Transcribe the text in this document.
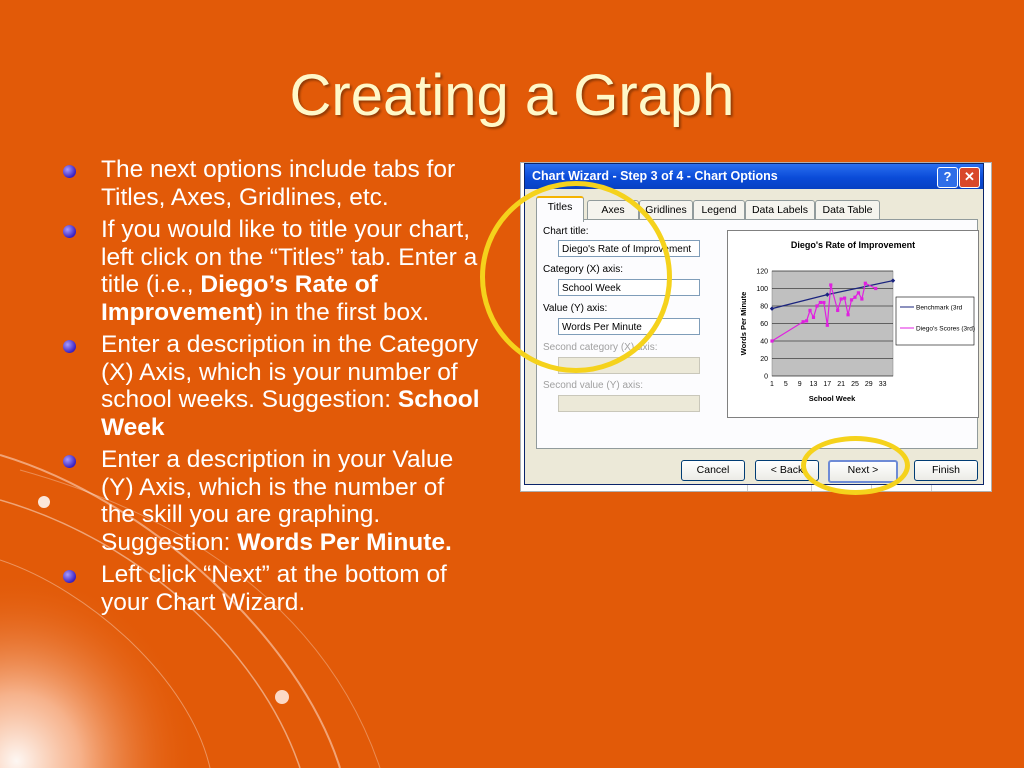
Creating a Graph
The next options include tabs for Titles, Axes, Gridlines, etc.
If you would like to title your chart, left click on the “Titles” tab. Enter a title (i.e., Diego’s Rate of Improvement) in the first box.
Enter a description in the Category (X) Axis, which is your number of school weeks. Suggestion: School Week
Enter a description in your Value (Y) Axis, which is the number of the skill you are graphing. Suggestion: Words Per Minute.
Left click “Next” at the bottom of your Chart Wizard.
Chart Wizard - Step 3 of 4 - Chart Options	? ✕
Titles	Axes	Gridlines	Legend	Data Labels	Data Table
Chart title:
Diego's Rate of Improvement
Category (X) axis:
School Week
Value (Y) axis:
Words Per Minute
Second category (X) axis:
Second value (Y) axis:
Diego's Rate of Improvement
0
20
40
60
80
100
120
1 5 9 13 17 21 25 29 33
School Week
Words Per Minute	Benchmark (3rd
Diego's Scores (3rd)
Cancel	< Back	Next >	Finish
